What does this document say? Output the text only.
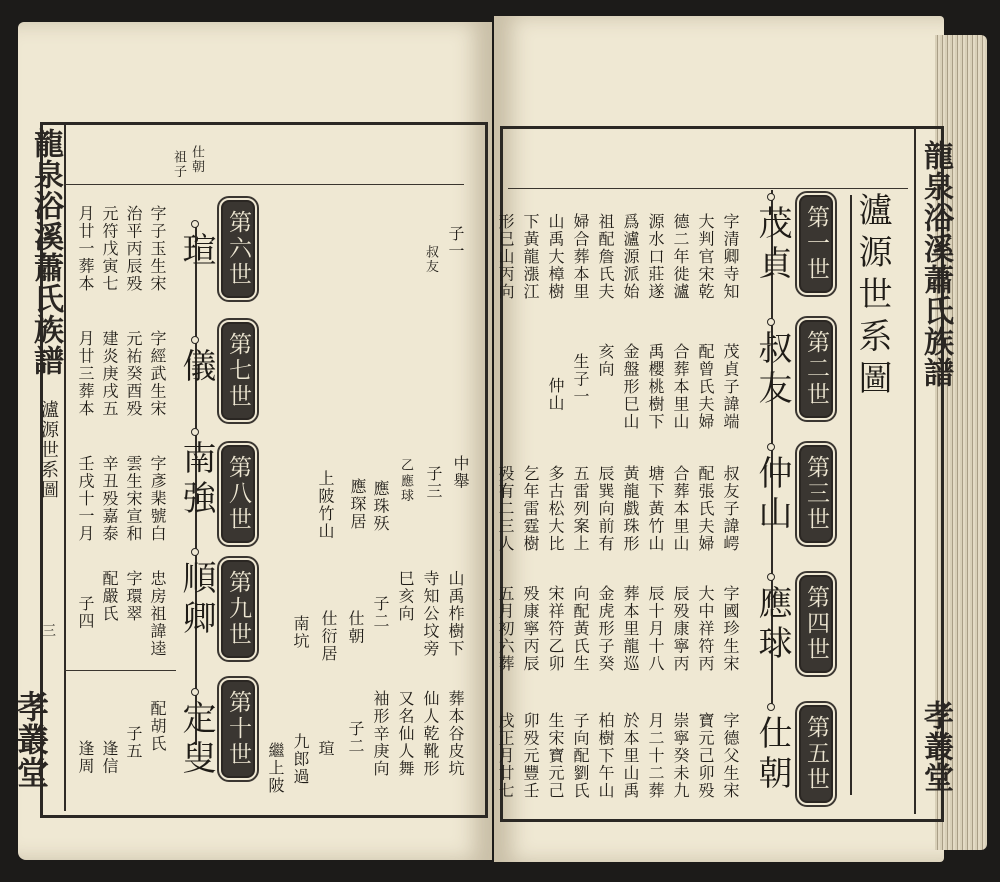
龍泉浴溪蕭氏族譜
瀘源世系圖
三
孝叢堂
龍泉浴溪蕭氏族譜
孝叢堂
瀘源世系圖
第一世
茂貞
字清卿寺知
大判官宋乾
德二年徙瀘
源水口莊遂
爲瀘源派始
祖配詹氏夫
婦合葬本里
山禹大樟樹
下黃龍漲江
形巳山丙向
第二世
叔友
茂貞子諱端
配曾氏夫婦
合葬本里山
禹櫻桃樹下
金盤形巳山
亥向
生子一
仲山
第三世
仲山
叔友子諱崿
配張氏夫婦
合葬本里山
塘下黃竹山
黃龍戲珠形
辰巽向前有
五雷列案上
多古松大比
乞年雷霆樹
殁有二三人
第四世
應球
字國珍生宋
大中祥符丙
辰殁康寧丙
辰十月十八
葬本里龍巡
金虎形子癸
向配黃氏生
宋祥符乙卯
殁康寧丙辰
五月初六葬
第五世
仕朝
字德父生宋
寶元己卯殁
崇寧癸未九
月二十二葬
於本里山禹
柏樹下午山
子向配劉氏
生宋寶元己
卯殁元豐壬
戌正月廿七
第六世
瑄
字子玉生宋
治平丙辰殁
元符戊寅七
月廿一葬本
第七世
儀
字經武生宋
元祐癸酉殁
建炎庚戌五
月廿三葬本
第八世
南強
字彥棐號白
雲生宋宣和
辛丑殁嘉泰
壬戌十一月
第九世
順卿
忠房祖諱逵
字環翠
配嚴氏
子四
第十世
定叟
配胡氏
子五
逢信
逢周
仕朝
祖子
子一
叔友
中舉
子三
乙
應球
應珠殀
應琛居
上陂竹山
山禹柞樹下
寺知公坟旁
巳亥向
子二
仕朝
仕衍居
南坑
葬本谷皮坑
仙人乾靴形
又名仙人舞
袖形辛庚向
子二
瑄
九郎過
繼上陂
